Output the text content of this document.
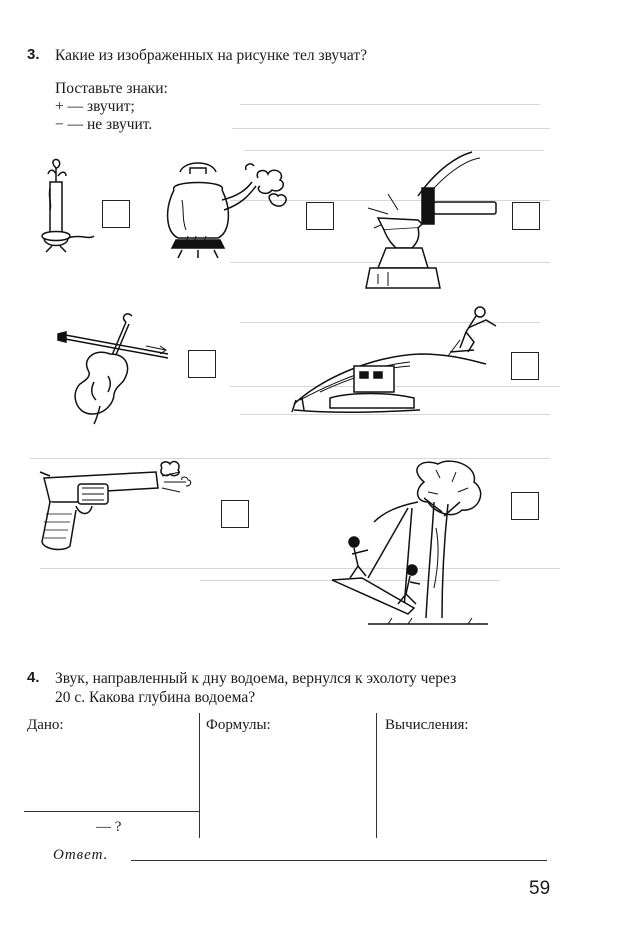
3. Какие из изображенных на рисунке тел звучат?
Поставьте знаки:
+ — звучит;
− — не звучит.
4. Звук, направленный к дну водоема, вернулся к эхолоту через
20 с. Какова глубина водоема?
Дано:	Формулы:	Вычисления:
— ?
Ответ.
59
